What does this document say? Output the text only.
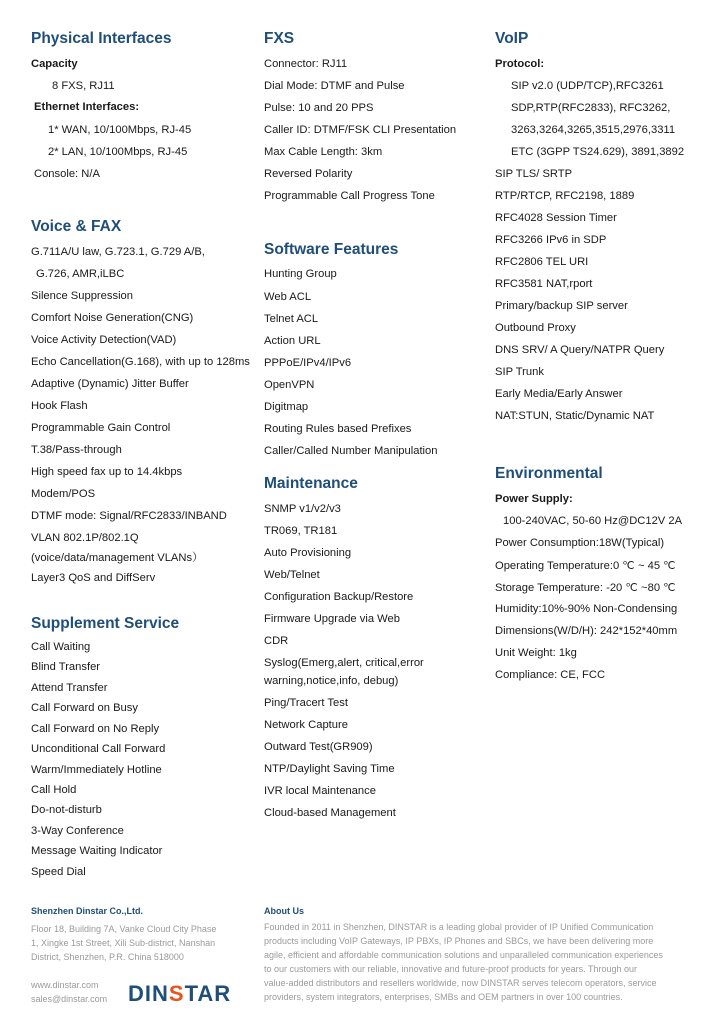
Physical Interfaces
Capacity
8 FXS, RJ11
Ethernet Interfaces:
1* WAN, 10/100Mbps, RJ-45
2* LAN, 10/100Mbps, RJ-45
Console: N/A
Voice & FAX
G.711A/U law, G.723.1, G.729 A/B,
G.726, AMR,iLBC
Silence Suppression
Comfort Noise Generation(CNG)
Voice Activity Detection(VAD)
Echo Cancellation(G.168), with up to 128ms
Adaptive (Dynamic) Jitter Buffer
Hook Flash
Programmable Gain Control
T.38/Pass-through
High speed fax up to 14.4kbps
Modem/POS
DTMF mode: Signal/RFC2833/INBAND
VLAN 802.1P/802.1Q
(voice/data/management VLANs）
Layer3 QoS and DiffServ
Supplement Service
Call Waiting
Blind Transfer
Attend Transfer
Call Forward on Busy
Call Forward on No Reply
Unconditional Call Forward
Warm/Immediately Hotline
Call Hold
Do-not-disturb
3-Way Conference
Message Waiting Indicator
Speed Dial
FXS
Connector: RJ11
Dial Mode: DTMF and Pulse
Pulse: 10 and 20 PPS
Caller ID: DTMF/FSK CLI Presentation
Max Cable Length: 3km
Reversed Polarity
Programmable Call Progress Tone
Software Features
Hunting Group
Web ACL
Telnet ACL
Action URL
PPPoE/IPv4/IPv6
OpenVPN
Digitmap
Routing Rules based Prefixes
Caller/Called Number Manipulation
Maintenance
SNMP v1/v2/v3
TR069, TR181
Auto Provisioning
Web/Telnet
Configuration Backup/Restore
Firmware Upgrade via Web
CDR
Syslog(Emerg,alert, critical,error
warning,notice,info, debug)
Ping/Tracert Test
Network Capture
Outward Test(GR909)
NTP/Daylight Saving Time
IVR local Maintenance
Cloud-based Management
VoIP
Protocol:
SIP v2.0 (UDP/TCP),RFC3261
SDP,RTP(RFC2833), RFC3262,
3263,3264,3265,3515,2976,3311
ETC (3GPP TS24.629), 3891,3892
SIP TLS/ SRTP
RTP/RTCP, RFC2198, 1889
RFC4028 Session Timer
RFC3266 IPv6 in SDP
RFC2806 TEL URI
RFC3581 NAT,rport
Primary/backup SIP server
Outbound Proxy
DNS SRV/ A Query/NATPR Query
SIP Trunk
Early Media/Early Answer
NAT:STUN, Static/Dynamic NAT
Environmental
Power Supply:
100-240VAC, 50-60 Hz@DC12V 2A
Power Consumption:18W(Typical)
Operating Temperature:0 ℃ ~ 45 ℃
Storage Temperature: -20 ℃ ~80 ℃
Humidity:10%-90% Non-Condensing
Dimensions(W/D/H): 242*152*40mm
Unit Weight: 1kg
Compliance: CE, FCC
Shenzhen Dinstar Co.,Ltd.
Floor 18, Building 7A, Vanke Cloud City Phase
1, Xingke 1st Street, Xili Sub-district, Nanshan
District, Shenzhen, P.R. China 518000
www.dinstar.com
sales@dinstar.com DINSTAR
About Us
Founded in 2011 in Shenzhen, DINSTAR is a leading global provider of IP Unified Communication
products including VoIP Gateways, IP PBXs, IP Phones and SBCs, we have been delivering more
agile, efficient and affordable communication solutions and unparalleled communication experiences
to our customers with our reliable, innovative and future-proof products for years. Through our
value-added distributors and resellers worldwide, now DINSTAR serves telecom operators, service
providers, system integrators, enterprises, SMBs and OEM partners in over 100 countries.
